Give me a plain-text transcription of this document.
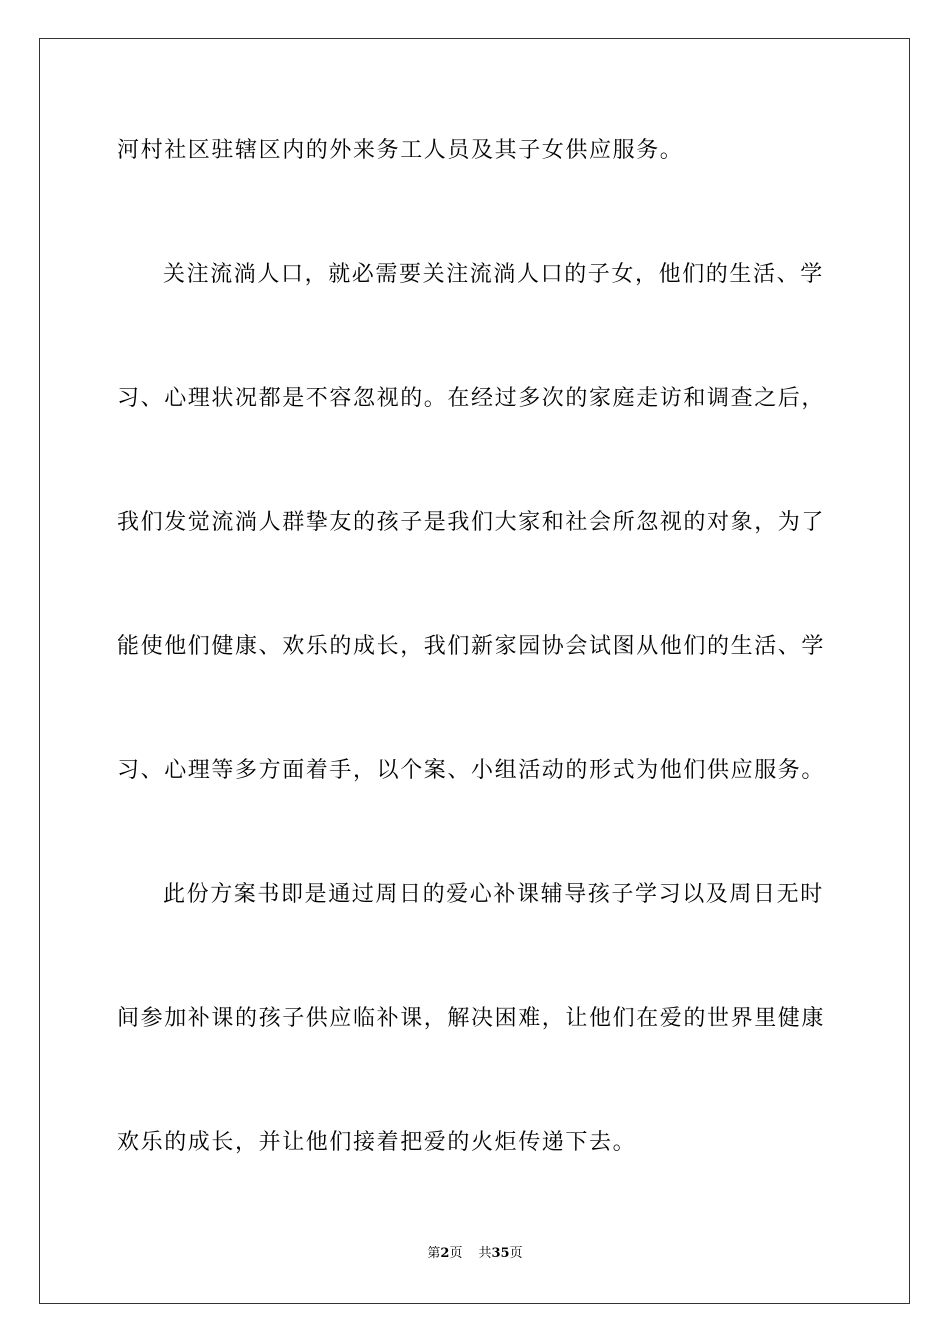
河村社区驻辖区内的外来务工人员及其子女供应服务。
关注流淌人口，就必需要关注流淌人口的子女，他们的生活、学
习、心理状况都是不容忽视的。在经过多次的家庭走访和调查之后，
我们发觉流淌人群挚友的孩子是我们大家和社会所忽视的对象，为了
能使他们健康、欢乐的成长，我们新家园协会试图从他们的生活、学
习、心理等多方面着手，以个案、小组活动的形式为他们供应服务。
此份方案书即是通过周日的爱心补课辅导孩子学习以及周日无时
间参加补课的孩子供应临补课，解决困难，让他们在爱的世界里健康
欢乐的成长，并让他们接着把爱的火炬传递下去。
第2页 共35页
